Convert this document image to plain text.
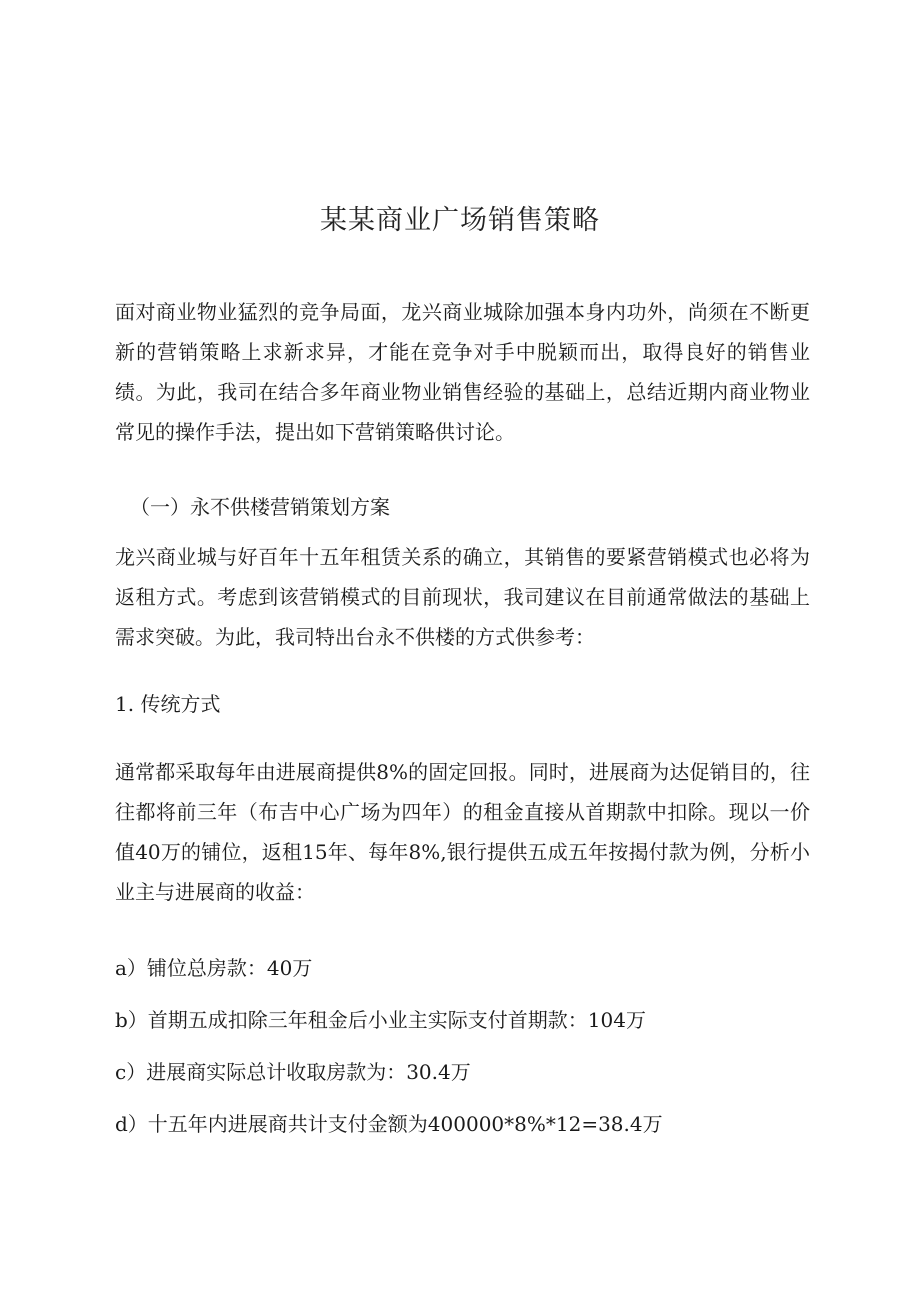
某某商业广场销售策略

面对商业物业猛烈的竞争局面，龙兴商业城除加强本身内功外，尚须在不断更新的营销策略上求新求异，才能在竞争对手中脱颖而出，取得良好的销售业绩。为此，我司在结合多年商业物业销售经验的基础上，总结近期内商业物业常见的操作手法，提出如下营销策略供讨论。

（一）永不供楼营销策划方案

龙兴商业城与好百年十五年租赁关系的确立，其销售的要紧营销模式也必将为返租方式。考虑到该营销模式的目前现状，我司建议在目前通常做法的基础上需求突破。为此，我司特出台永不供楼的方式供参考：

1. 传统方式

通常都采取每年由进展商提供8%的固定回报。同时，进展商为达促销目的，往往都将前三年（布吉中心广场为四年）的租金直接从首期款中扣除。现以一价值40万的铺位，返租15年、每年8%,银行提供五成五年按揭付款为例，分析小业主与进展商的收益：

a）铺位总房款：40万

b）首期五成扣除三年租金后小业主实际支付首期款：104万

c）进展商实际总计收取房款为：30.4万

d）十五年内进展商共计支付金额为400000*8%*12=38.4万
